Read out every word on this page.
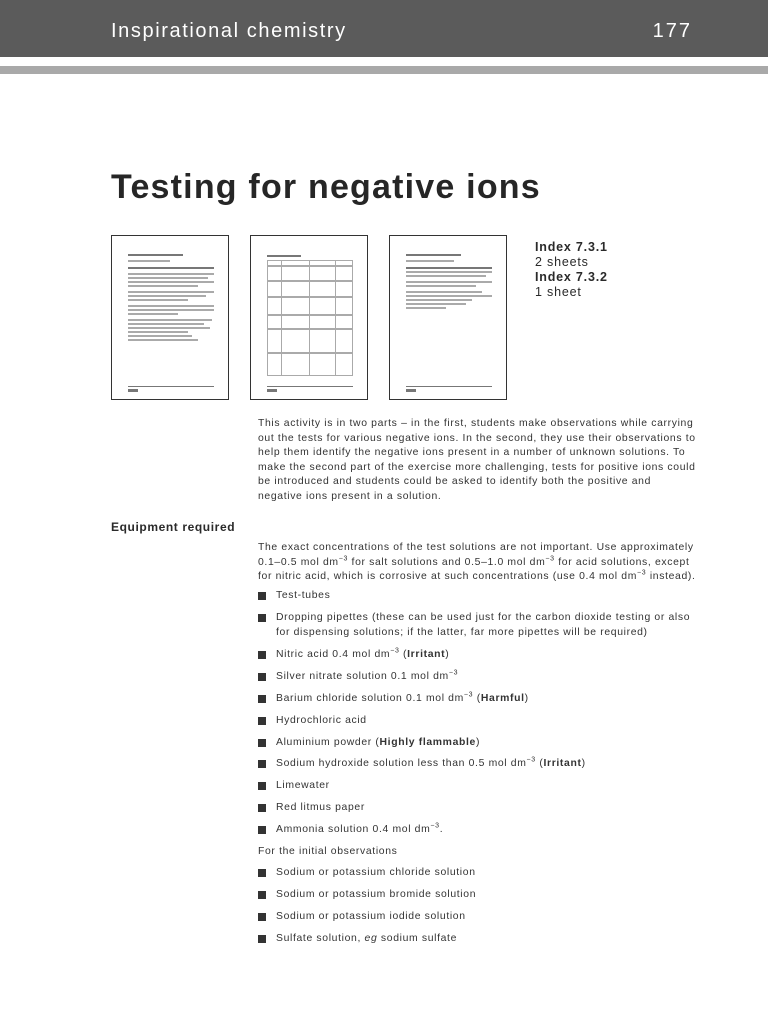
Inspirational chemistry	177
Testing for negative ions
Index 7.3.1
2 sheets
Index 7.3.2
1 sheet

This activity is in two parts – in the first, students make observations while carrying out the tests for various negative ions. In the second, they use their observations to help them identify the negative ions present in a number of unknown solutions. To make the second part of the exercise more challenging, tests for positive ions could be introduced and students could be asked to identify both the positive and negative ions present in a solution.

Equipment required

The exact concentrations of the test solutions are not important. Use approximately 0.1–0.5 mol $dm^{-3}$ for salt solutions and 0.5–1.0 mol $dm^{-3}$ for acid solutions, except for nitric acid, which is corrosive at such concentrations (use 0.4 mol $dm^{-3}$ instead).

Test-tubes
Dropping pipettes (these can be used just for the carbon dioxide testing or also for dispensing solutions; if the latter, far more pipettes will be required)
Nitric acid 0.4 mol $dm^{-3}$ (Irritant)
Silver nitrate solution 0.1 mol $dm^{-3}$
Barium chloride solution 0.1 mol $dm^{-3}$ (Harmful)
Hydrochloric acid
Aluminium powder (Highly flammable)
Sodium hydroxide solution less than 0.5 mol $dm^{-3}$ (Irritant)
Limewater
Red litmus paper
Ammonia solution 0.4 mol $dm^{-3}$.

For the initial observations

Sodium or potassium chloride solution
Sodium or potassium bromide solution
Sodium or potassium iodide solution
Sulfate solution, eg sodium sulfate
